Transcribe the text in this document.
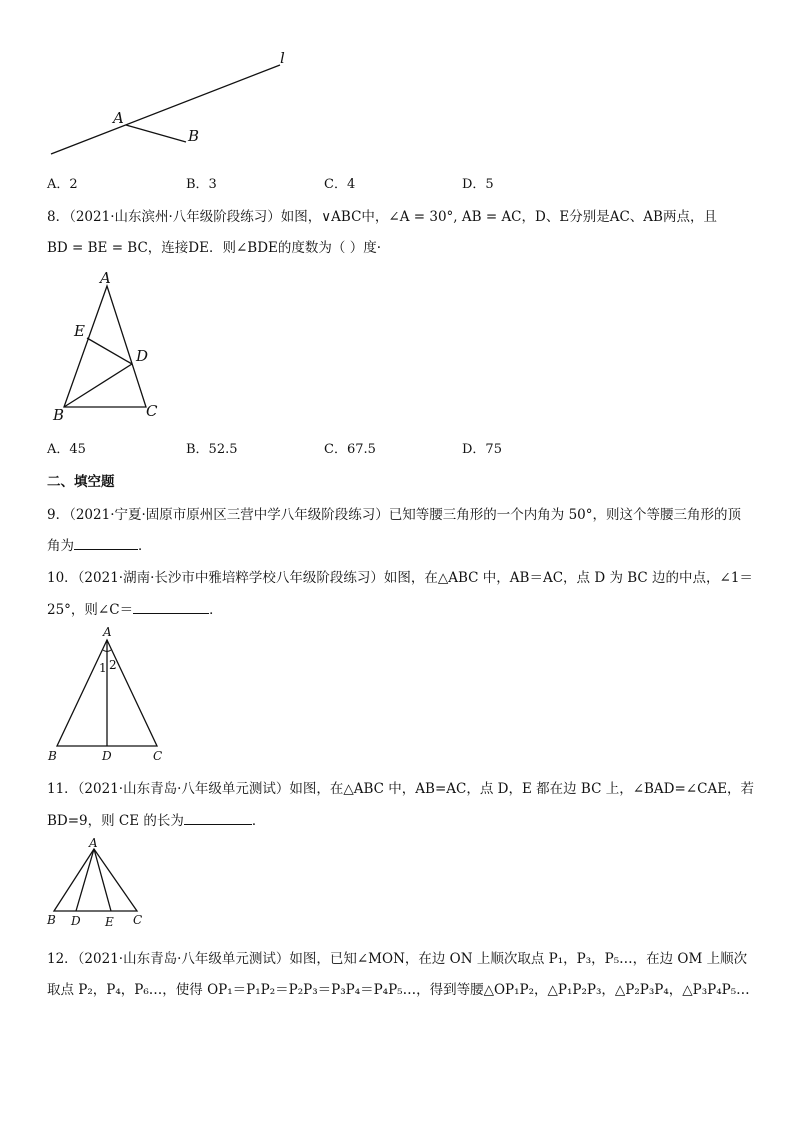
l
A
B
A．2	B．3	C．4	D．5
8．（2021·山东滨州·八年级阶段练习）如图，∨ABC中，∠A = 30°, AB = AC，D、E分别是AC、AB两点，且
BD = BE = BC，连接DE．则∠BDE的度数为（ ）度·
A
E
D
B	C
A．45	B．52.5	C．67.5	D．75
二、填空题
9．（2021·宁夏·固原市原州区三营中学八年级阶段练习）已知等腰三角形的一个内角为 50°，则这个等腰三角形的顶
角为	．
10．（2021·湖南·长沙市中雅培粹学校八年级阶段练习）如图，在△ABC 中，AB＝AC，点 D 为 BC 边的中点，∠1＝
25°，则∠C＝	．
A
1 2
B	D	C
11．（2021·山东青岛·八年级单元测试）如图，在△ABC 中，AB=AC，点 D，E 都在边 BC 上，∠BAD=∠CAE，若
BD=9，则 CE 的长为	．
A
B D E C
12．（2021·山东青岛·八年级单元测试）如图，已知∠MON，在边 ON 上顺次取点 P₁，P₃，P₅…，在边 OM 上顺次
取点 P₂，P₄，P₆…，使得 OP₁＝P₁P₂＝P₂P₃＝P₃P₄＝P₄P₅…，得到等腰△OP₁P₂，△P₁P₂P₃，△P₂P₃P₄，△P₃P₄P₅…
